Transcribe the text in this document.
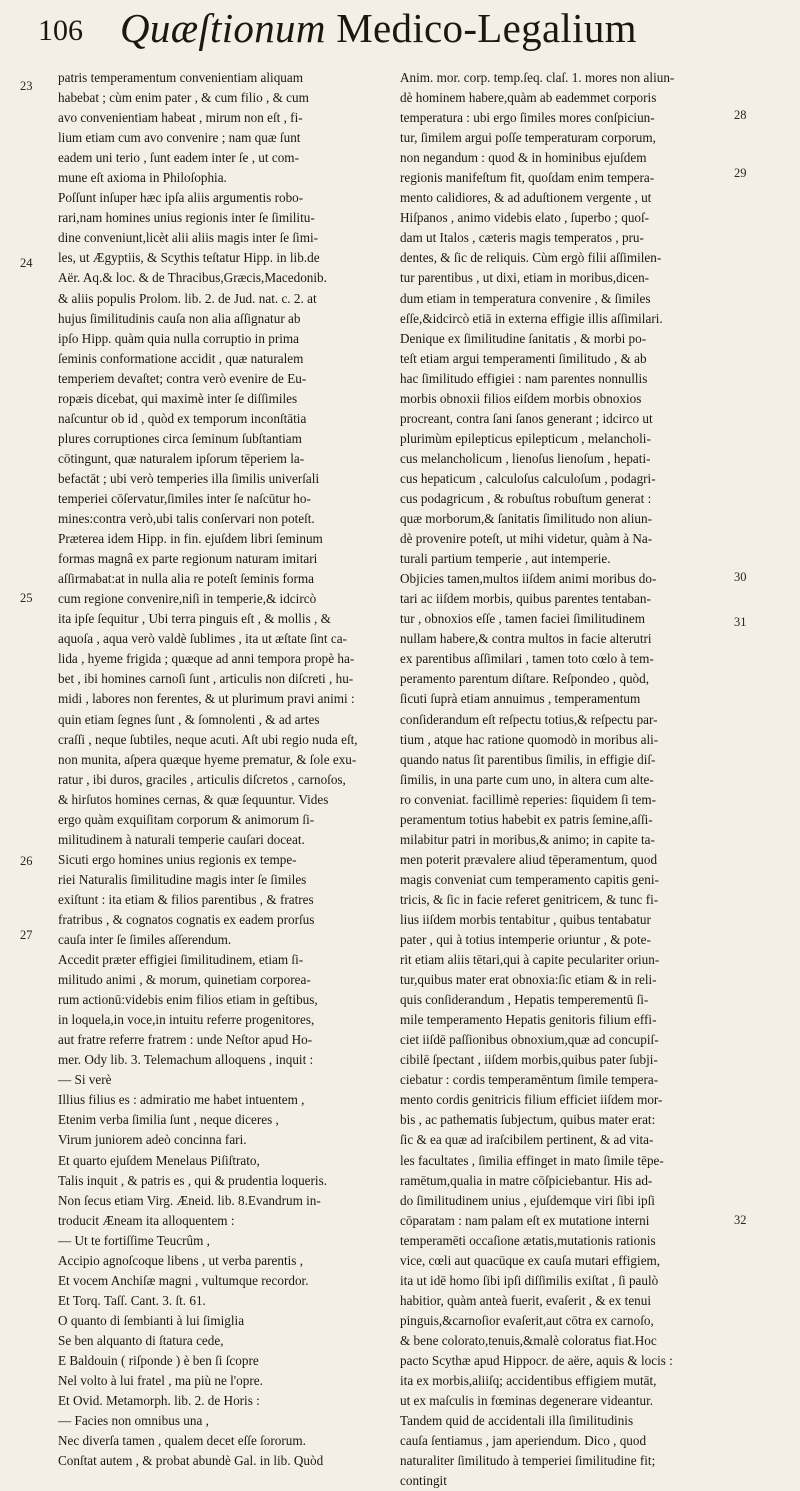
106 Quæſtionum Medico-Legalium
patris temperamentum convenientiam aliquam
habebat ; cùm enim pater , & cum filio , & cum
avo convenientiam habeat , mirum non eſt , fi-
lium etiam cum avo convenire ; nam quæ ſunt
eadem uni terio , ſunt eadem inter ſe , ut com-
mune eſt axioma in Philoſophia.
Poſſunt inſuper hæc ipſa aliis argumentis robo-
rari,nam homines unius regionis inter ſe ſimilitu-
dine conveniunt,licèt alii aliis magis inter ſe ſimi-
les, ut Ægyptiis, & Scythis teſtatur Hipp. in lib.de
Aër. Aq.& loc. & de Thracibus,Græcis,Macedonib.
& aliis populis Prolom. lib. 2. de Jud. nat. c. 2. at
hujus ſimilitudinis cauſa non alia aſſignatur ab
ipſo Hipp. quàm quia nulla corruptio in prima
ſeminis conformatione accidit , quæ naturalem
temperiem devaſtet; contra verò evenire de Eu-
ropæis dicebat, qui maximè inter ſe diſſimiles
naſcuntur ob id , quòd ex temporum inconſtātia
plures corruptiones circa ſeminum ſubſtantiam
cōtingunt, quæ naturalem ipſorum tēperiem la-
befactāt ; ubi verò temperies illa ſimilis univerſali
temperiei cōſervatur,ſimiles inter ſe naſcūtur ho-
mines:contra verò,ubi talis conſervari non poteſt.
Præterea idem Hipp. in fin. ejuſdem libri ſeminum
formas magnâ ex parte regionum naturam imitari
aſſirmabat:at in nulla alia re poteſt ſeminis forma
cum regione convenire,niſi in temperie,& idcircò
ita ipſe ſequitur , Ubi terra pinguis eſt , & mollis , &
aquoſa , aqua verò valdè ſublimes , ita ut æſtate ſint ca-
lida , hyeme frigida ; quæque ad anni tempora propè ha-
bet , ibi homines carnoſi ſunt , articulis non diſcreti , hu-
midi , labores non ferentes, & ut plurimum pravi animi :
quin etiam ſegnes ſunt , & ſomnolenti , & ad artes
craſſi , neque ſubtiles, neque acuti. Aſt ubi regio nuda eſt,
non munita, aſpera quæque hyeme prematur, & ſole exu-
ratur , ibi duros, graciles , articulis diſcretos , carnoſos,
& hirſutos homines cernas, & quæ ſequuntur. Vides
ergo quàm exquiſitam corporum & animorum ſi-
militudinem à naturali temperie cauſari doceat.
Sicuti ergo homines unius regionis ex tempe-
riei Naturalis ſimilitudine magis inter ſe ſimiles
exiſtunt : ita etiam & filios parentibus , & fratres
fratribus , & cognatos cognatis ex eadem prorſus
cauſa inter ſe ſimiles aſſerendum.
Accedit præter effigiei ſimilitudinem, etiam ſi-
militudo animi , & morum, quinetiam corporea-
rum actionū:videbis enim filios etiam in geſtibus,
in loquela,in voce,in intuitu referre progenitores,
aut fratre referre fratrem : unde Neſtor apud Ho-
mer. Ody lib. 3. Telemachum alloquens , inquit :
— Si verè
Illius filius es : admiratio me habet intuentem ,
Etenim verba ſimilia ſunt , neque diceres ,
Virum juniorem adeò concinna fari.
Et quarto ejuſdem Menelaus Piſiſtrato,
Talis inquit , & patris es , qui & prudentia loqueris.
Non ſecus etiam Virg. Æneid. lib. 8.Evandrum in-
troducit Æneam ita alloquentem :
— Ut te fortiſſime Teucrûm ,
Accipio agnoſcoque libens , ut verba parentis ,
Et vocem Anchiſæ magni , vultumque recordor.
Et Torq. Taſſ. Cant. 3. ſt. 61.
O quanto di ſembianti à lui ſimiglia
Se ben alquanto di ſtatura cede,
E Baldouin ( riſponde ) è ben ſi ſcopre
Nel volto à lui fratel , ma più ne l'opre.
Et Ovid. Metamorph. lib. 2. de Horis :
— Facies non omnibus una ,
Nec diverſa tamen , qualem decet eſſe ſororum.
Conſtat autem , & probat abundè Gal. in lib. Quòd
Anim. mor. corp. temp.ſeq. claſ. 1. mores non aliun-
dè hominem habere,quàm ab eademmet corporis
temperatura : ubi ergo ſimiles mores conſpiciun-
tur, ſimilem argui poſſe temperaturam corporum,
non negandum : quod & in hominibus ejuſdem
regionis manifeſtum fit, quoſdam enim tempera-
mento calidiores, & ad aduſtionem vergente , ut
Hiſpanos , animo videbis elato , ſuperbo ; quoſ-
dam ut Italos , cæteris magis temperatos , pru-
dentes, & ſic de reliquis. Cùm ergò filii aſſimilen-
tur parentibus , ut dixi, etiam in moribus,dicen-
dum etiam in temperatura convenire , & ſimiles
eſſe,&idcircò etiā in externa effigie illis aſſimilari.
Denique ex ſimilitudine ſanitatis , & morbi po-
teſt etiam argui temperamenti ſimilitudo , & ab
hac ſimilitudo effigiei : nam parentes nonnullis
morbis obnoxii filios eiſdem morbis obnoxios
procreant, contra ſani ſanos generant ; idcirco ut
plurimùm epilepticus epilepticum , melancholi-
cus melancholicum , lienoſus lienoſum , hepati-
cus hepaticum , calculoſus calculoſum , podagri-
cus podagricum , & robuſtus robuſtum generat :
quæ morborum,& ſanitatis ſimilitudo non aliun-
dè provenire poteſt, ut mihi videtur, quàm à Na-
turali partium temperie , aut intemperie.
Objicies tamen,multos iiſdem animi moribus do-
tari ac iiſdem morbis, quibus parentes tentaban-
tur , obnoxios eſſe , tamen faciei ſimilitudinem
nullam habere,& contra multos in facie alterutri
ex parentibus aſſimilari , tamen toto cœlo à tem-
peramento parentum diſtare. Reſpondeo , quòd,
ſicuti ſuprà etiam annuimus , temperamentum
conſiderandum eſt reſpectu totius,& reſpectu par-
tium , atque hac ratione quomodò in moribus ali-
quando natus ſit parentibus ſimilis, in effigie diſ-
ſimilis, in una parte cum uno, in altera cum alte-
ro conveniat. facillimè reperies: ſiquidem ſi tem-
peramentum totius habebit ex patris ſemine,aſſi-
milabitur patri in moribus,& animo; in capite ta-
men poterit prævalere aliud tēperamentum, quod
magis conveniat cum temperamento capitis geni-
tricis, & ſic in facie referet genitricem, & tunc fi-
lius iiſdem morbis tentabitur , quibus tentabatur
pater , qui à totius intemperie oriuntur , & pote-
rit etiam aliis tētari,qui à capite peculariter oriun-
tur,quibus mater erat obnoxia:ſic etiam & in reli-
quis conſiderandum , Hepatis temperementū ſi-
mile temperamento Hepatis genitoris filium effi-
ciet iiſdē paſſionibus obnoxium,quæ ad concupiſ-
cibilē ſpectant , iiſdem morbis,quibus pater ſubji-
ciebatur : cordis temperamēntum ſimile tempera-
mento cordis genitricis filium efficiet iiſdem mor-
bis , ac pathematis ſubjectum, quibus mater erat:
ſic & ea quæ ad iraſcibilem pertinent, & ad vita-
les facultates , ſimilia effinget in mato ſimile tēpe-
ramētum,qualia in matre cōſpiciebantur. His ad-
do ſimilitudinem unius , ejuſdemque viri ſibi ipſi
cōparatam : nam palam eſt ex mutatione interni
temperamēti occaſione ætatis,mutationis rationis
vice, cœli aut quacūque ex cauſa mutari effigiem,
ita ut idē homo ſibi ipſi diſſimilis exiſtat , ſi paulò
habitior, quàm anteà fuerit, evaſerit , & ex tenui
pinguis,&carnoſior evaſerit,aut cōtra ex carnoſo,
& bene colorato,tenuis,&malè coloratus fiat.Hoc
pacto Scythæ apud Hippocr. de aëre, aquis & locis :
ita ex morbis,aliiſq; accidentibus effigiem mutāt,
ut ex maſculis in fœminas degenerare videantur.
Tandem quid de accidentali illa ſimilitudinis
cauſa ſentiamus , jam aperiendum. Dico , quod
naturaliter ſimilitudo à temperiei ſimilitudine fit;
contingit
23
24
25
26
27
28
29
30
31
32
